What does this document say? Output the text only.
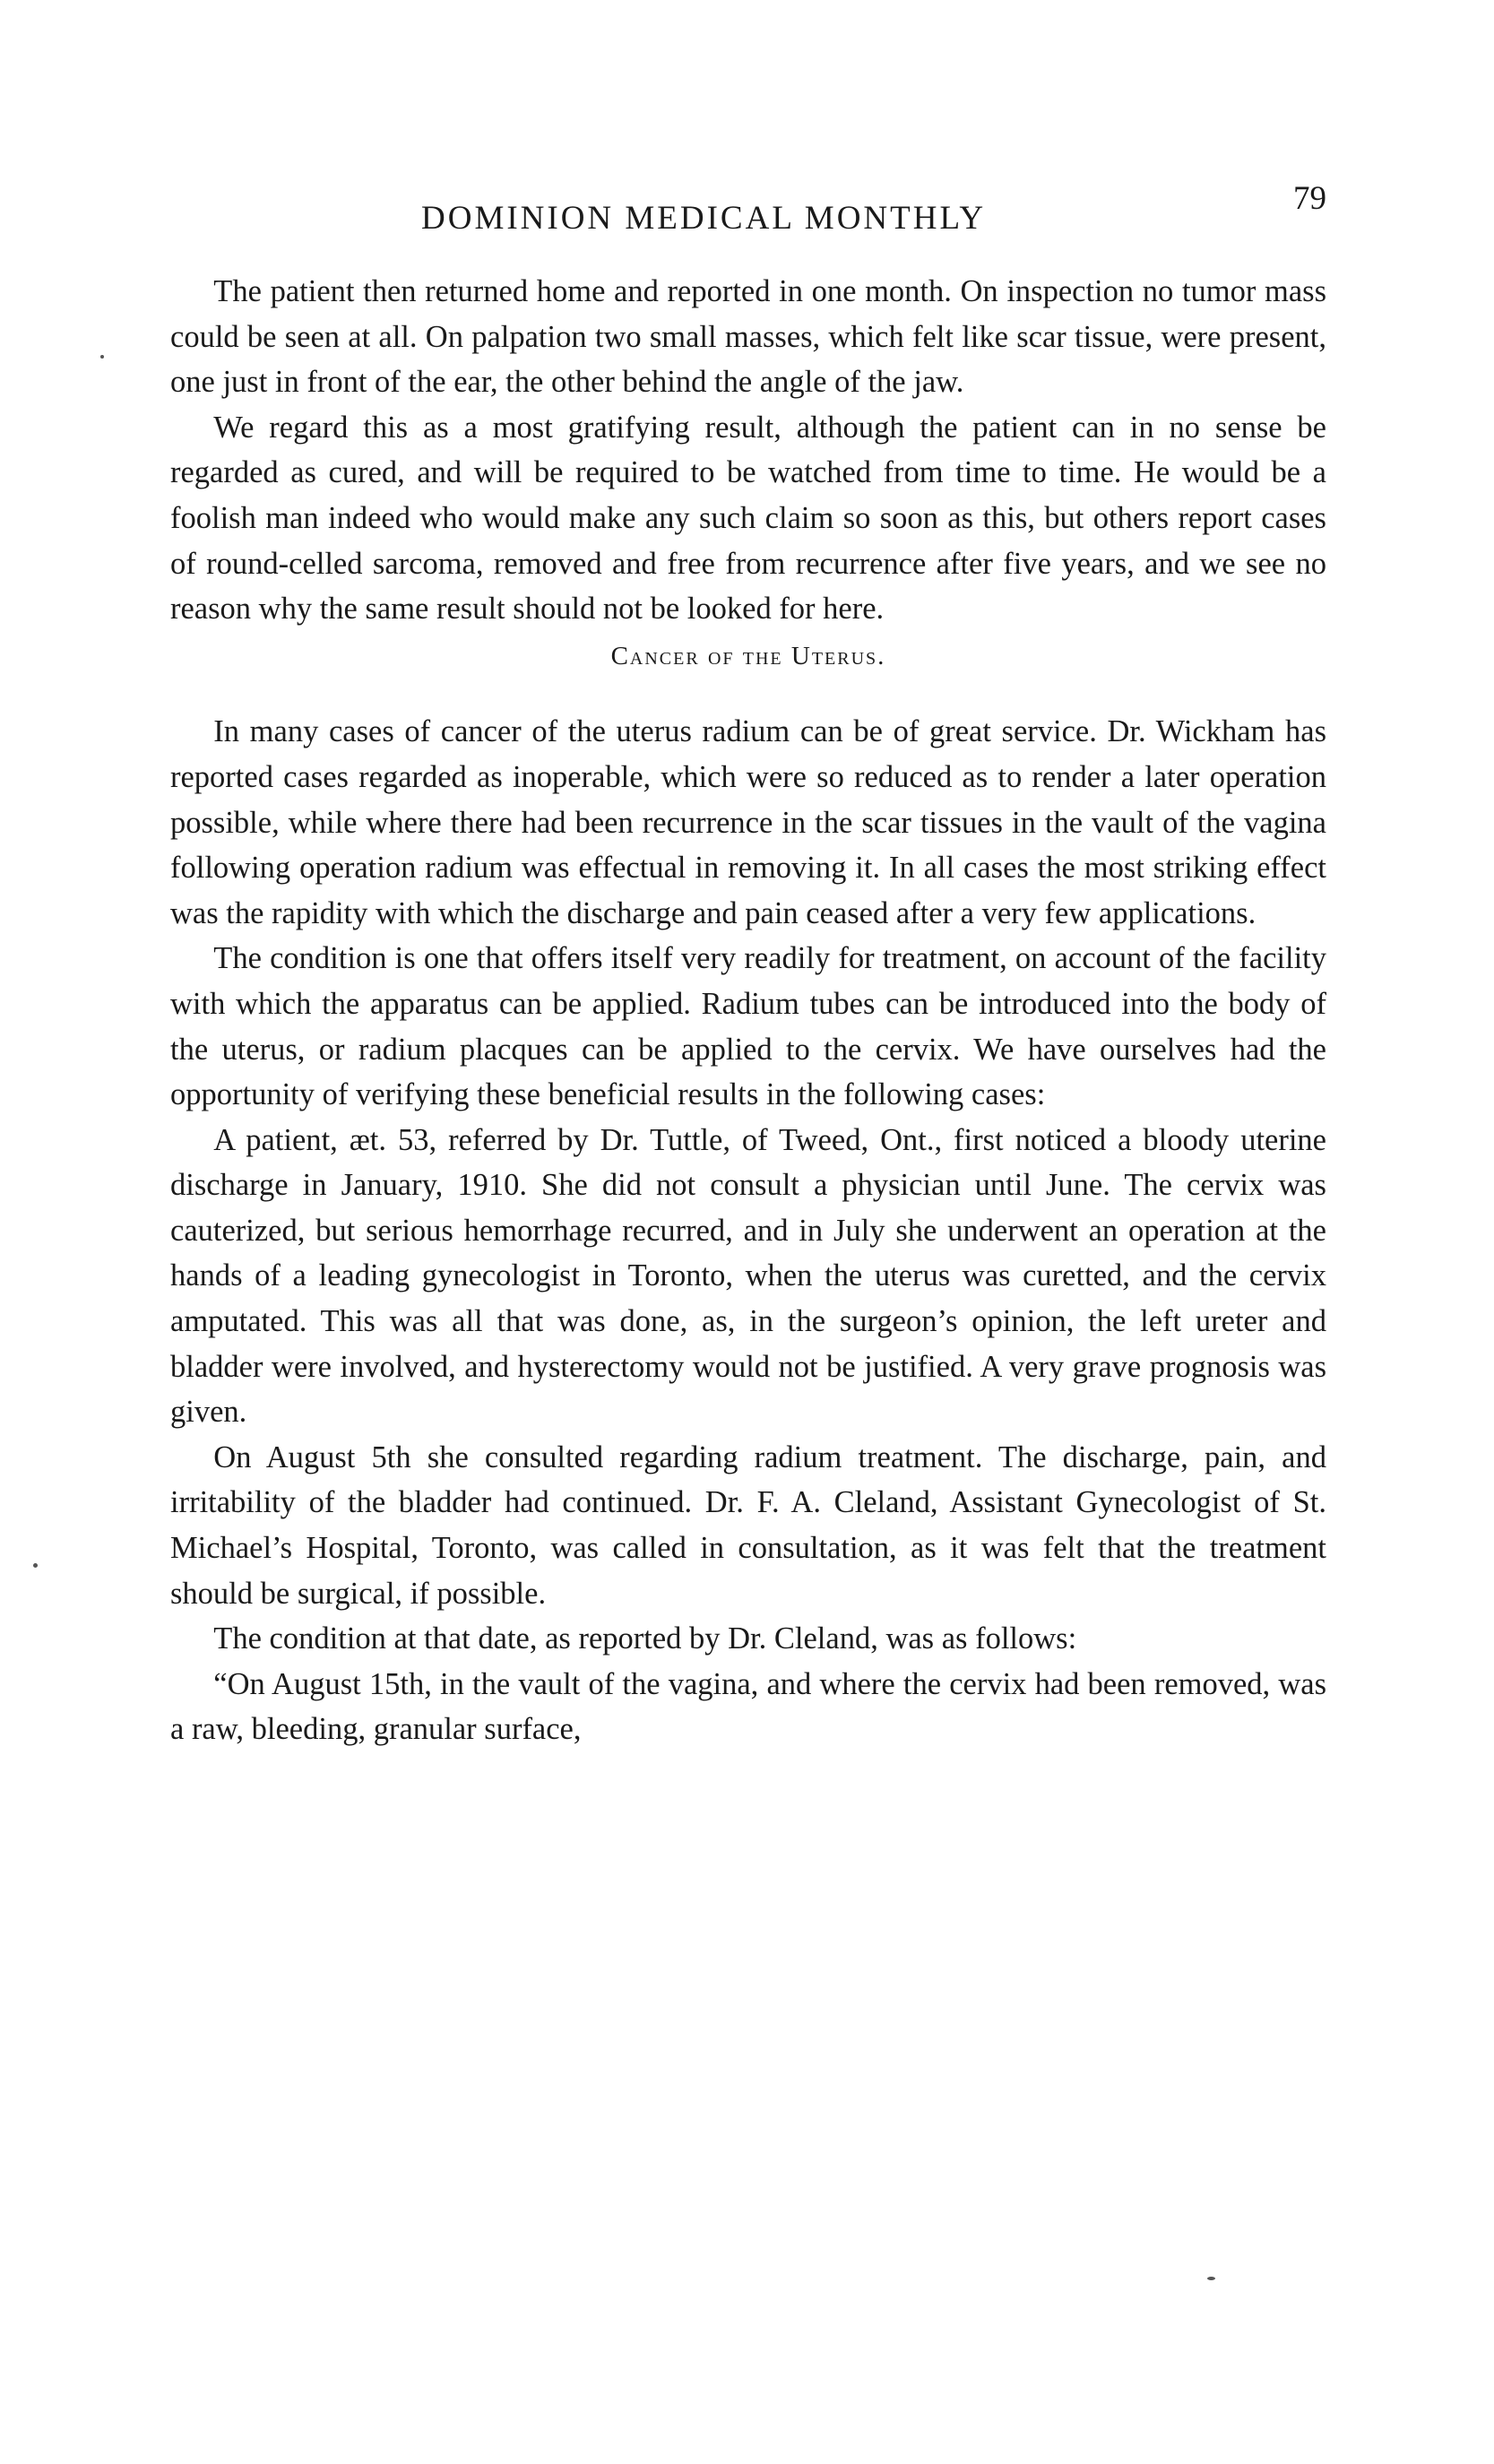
DOMINION MEDICAL MONTHLY
79

The patient then returned home and reported in one month. On inspection no tumor mass could be seen at all. On palpation two small masses, which felt like scar tissue, were present, one just in front of the ear, the other behind the angle of the jaw.

We regard this as a most gratifying result, although the patient can in no sense be regarded as cured, and will be required to be watched from time to time. He would be a foolish man indeed who would make any such claim so soon as this, but others report cases of round-celled sarcoma, removed and free from recurrence after five years, and we see no reason why the same result should not be looked for here.

Cancer of the Uterus.

In many cases of cancer of the uterus radium can be of great service. Dr. Wickham has reported cases regarded as inoperable, which were so reduced as to render a later operation possible, while where there had been recurrence in the scar tissues in the vault of the vagina following operation radium was effectual in removing it. In all cases the most striking effect was the rapidity with which the discharge and pain ceased after a very few applications.

The condition is one that offers itself very readily for treatment, on account of the facility with which the apparatus can be applied. Radium tubes can be introduced into the body of the uterus, or radium placques can be applied to the cervix. We have ourselves had the opportunity of verifying these beneficial results in the following cases:

A patient, æt. 53, referred by Dr. Tuttle, of Tweed, Ont., first noticed a bloody uterine discharge in January, 1910. She did not consult a physician until June. The cervix was cauterized, but serious hemorrhage recurred, and in July she underwent an operation at the hands of a leading gynecologist in Toronto, when the uterus was curetted, and the cervix amputated. This was all that was done, as, in the surgeon’s opinion, the left ureter and bladder were involved, and hysterectomy would not be justified. A very grave prognosis was given.

On August 5th she consulted regarding radium treatment. The discharge, pain, and irritability of the bladder had continued. Dr. F. A. Cleland, Assistant Gynecologist of St. Michael’s Hospital, Toronto, was called in consultation, as it was felt that the treatment should be surgical, if possible.

The condition at that date, as reported by Dr. Cleland, was as follows:

“On August 15th, in the vault of the vagina, and where the cervix had been removed, was a raw, bleeding, granular surface,
